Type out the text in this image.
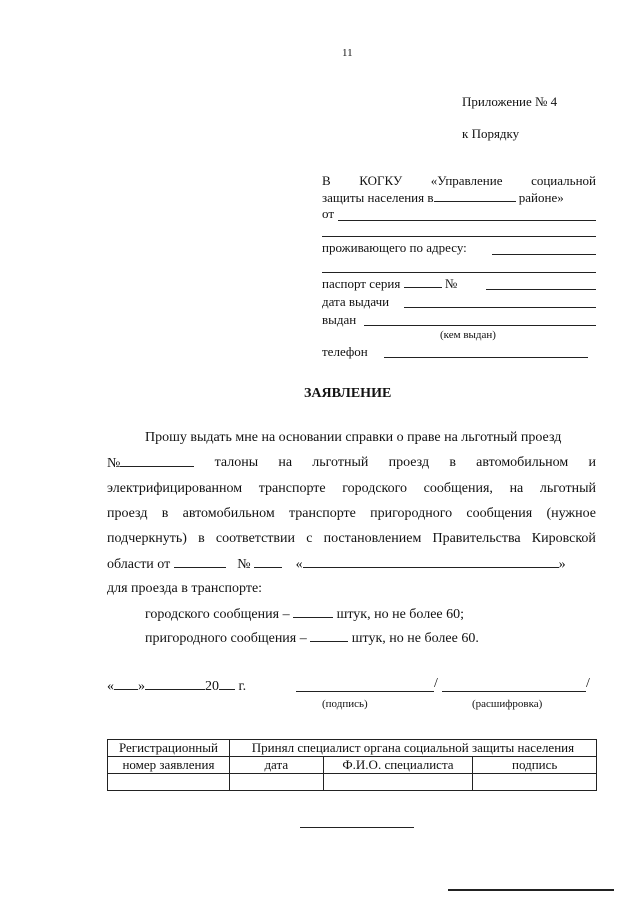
11
Приложение № 4
к Порядку
В КОГКУ «Управление социальной
защиты населения в	районе»
от
проживающего по адресу:
паспорт серия	№
дата выдачи
выдан
(кем выдан)
телефон
ЗАЯВЛЕНИЕ
Прошу выдать мне на основании справки о праве на льготный проезд
№	талоны на льготный проезд в автомобильном и
электрифицированном транспорте городского сообщения, на льготный
проезд в автомобильном транспорте пригородного сообщения (нужное
подчеркнуть) в соответствии с постановлением Правительства Кировской
области от	№	«	»
для проезда в транспорте:
городского сообщения –	штук, но не более 60;
пригородного сообщения –	штук, но не более 60.
« »	20 г.	/	/
(подпись)	(расшифровка)
Регистрационный	Принял специалист органа социальной защиты населения		
номер заявления	дата	Ф.И.О. специалиста	подпись
